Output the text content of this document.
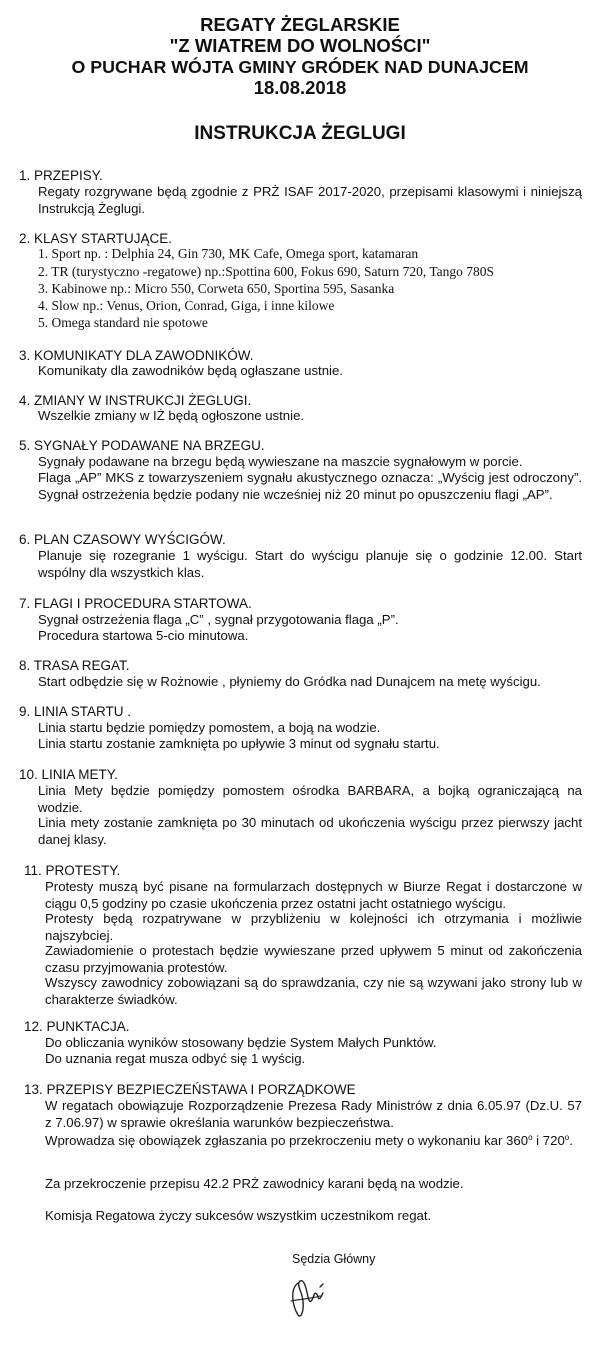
REGATY ŻEGLARSKIE

"Z WIATREM DO WOLNOŚCI"

O PUCHAR WÓJTA GMINY GRÓDEK NAD DUNAJCEM

18.08.2018

INSTRUKCJA ŻEGLUGI

1. PRZEPISY.

Regaty rozgrywane będą zgodnie z PRŻ ISAF 2017-2020, przepisami klasowymi i niniejszą Instrukcją Żeglugi.

2. KLASY STARTUJĄCE.

1. Sport np. : Delphia 24, Gin 730, MK Cafe, Omega sport, katamaran

2. TR (turystyczno -regatowe) np.:Spottina 600, Fokus 690, Saturn 720, Tango 780S

3. Kabinowe np.: Micro 550, Corweta 650, Sportina 595, Sasanka

4. Slow np.: Venus, Orion, Conrad, Giga, i inne kilowe

5. Omega standard nie spotowe

3. KOMUNIKATY DLA ZAWODNIKÓW.

Komunikaty dla zawodników będą ogłaszane ustnie.

4. ZMIANY W INSTRUKCJI ŻEGLUGI.

Wszelkie zmiany w IŻ będą ogłoszone ustnie.

5. SYGNAŁY PODAWANE NA BRZEGU.

Sygnały podawane na brzegu będą wywieszane na maszcie sygnałowym w porcie.

Flaga „AP” MKS z towarzyszeniem sygnału akustycznego oznacza: „Wyścig jest odroczony”. Sygnał ostrzeżenia będzie podany nie wcześniej niż 20 minut po opuszczeniu flagi „AP”.

6. PLAN CZASOWY WYŚCIGÓW.

Planuje się rozegranie 1 wyścigu. Start do wyścigu planuje się o godzinie 12.00. Start wspólny dla wszystkich klas.

7. FLAGI I PROCEDURA STARTOWA.

Sygnał ostrzeżenia flaga „C” , sygnał przygotowania flaga „P”.

Procedura startowa 5-cio minutowa.

8. TRASA REGAT.

Start odbędzie się w Rożnowie , płyniemy do Gródka nad Dunajcem na metę wyścigu.

9. LINIA STARTU .

Linia startu będzie pomiędzy pomostem, a boją na wodzie.

Linia startu zostanie zamknięta po upływie 3 minut od sygnału startu.

10. LINIA METY.

Linia Mety będzie pomiędzy pomostem ośrodka BARBARA, a bojką ograniczającą na wodzie.

Linia mety zostanie zamknięta po 30 minutach od ukończenia wyścigu przez pierwszy jacht danej klasy.

11. PROTESTY.

Protesty muszą być pisane na formularzach dostępnych w Biurze Regat i dostarczone w ciągu 0,5 godziny po czasie ukończenia przez ostatni jacht ostatniego wyścigu.

Protesty będą rozpatrywane w przybliżeniu w kolejności ich otrzymania i możliwie najszybciej.

Zawiadomienie o protestach będzie wywieszane przed upływem 5 minut od zakończenia czasu przyjmowania protestów.

Wszyscy zawodnicy zobowiązani są do sprawdzania, czy nie są wzywani jako strony lub w charakterze świadków.

12. PUNKTACJA.

Do obliczania wyników stosowany będzie System Małych Punktów.

Do uznania regat musza odbyć się 1 wyścig.

13. PRZEPISY BEZPIECZEŃSTAWA I PORZĄDKOWE

W regatach obowiązuje Rozporządzenie Prezesa Rady Ministrów z dnia 6.05.97 (Dz.U. 57 z 7.06.97) w sprawie określania warunków bezpieczeństwa.

Wprowadza się obowiązek zgłaszania po przekroczeniu mety o wykonaniu kar 360$^o$ i 720$^o$.

Za przekroczenie przepisu 42.2 PRŻ zawodnicy karani będą na wodzie.

Komisja Regatowa życzy sukcesów wszystkim uczestnikom regat.

Sędzia Główny
